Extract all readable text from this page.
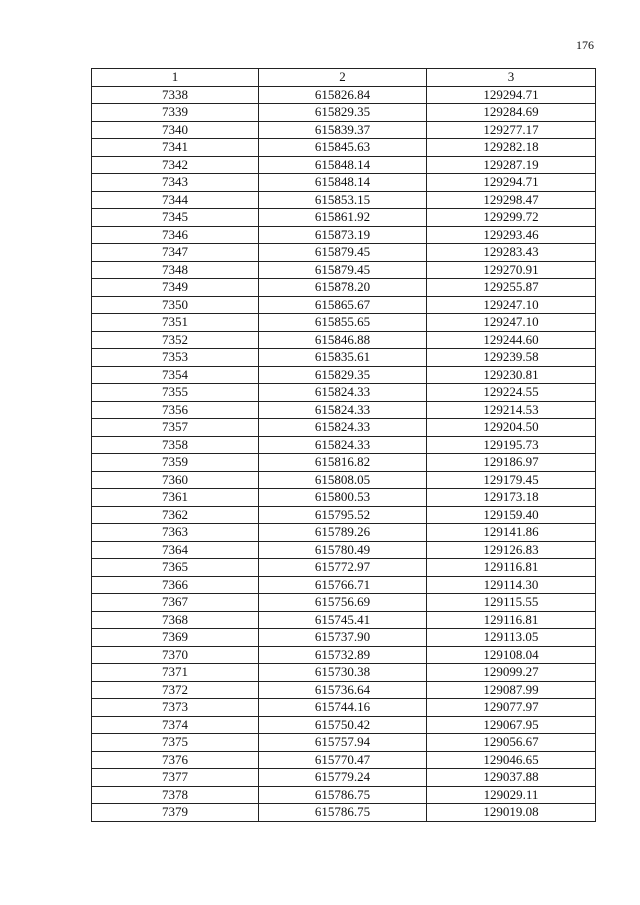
176
1	2	3
7338	615826.84	129294.71
7339	615829.35	129284.69
7340	615839.37	129277.17
7341	615845.63	129282.18
7342	615848.14	129287.19
7343	615848.14	129294.71
7344	615853.15	129298.47
7345	615861.92	129299.72
7346	615873.19	129293.46
7347	615879.45	129283.43
7348	615879.45	129270.91
7349	615878.20	129255.87
7350	615865.67	129247.10
7351	615855.65	129247.10
7352	615846.88	129244.60
7353	615835.61	129239.58
7354	615829.35	129230.81
7355	615824.33	129224.55
7356	615824.33	129214.53
7357	615824.33	129204.50
7358	615824.33	129195.73
7359	615816.82	129186.97
7360	615808.05	129179.45
7361	615800.53	129173.18
7362	615795.52	129159.40
7363	615789.26	129141.86
7364	615780.49	129126.83
7365	615772.97	129116.81
7366	615766.71	129114.30
7367	615756.69	129115.55
7368	615745.41	129116.81
7369	615737.90	129113.05
7370	615732.89	129108.04
7371	615730.38	129099.27
7372	615736.64	129087.99
7373	615744.16	129077.97
7374	615750.42	129067.95
7375	615757.94	129056.67
7376	615770.47	129046.65
7377	615779.24	129037.88
7378	615786.75	129029.11
7379	615786.75	129019.08
